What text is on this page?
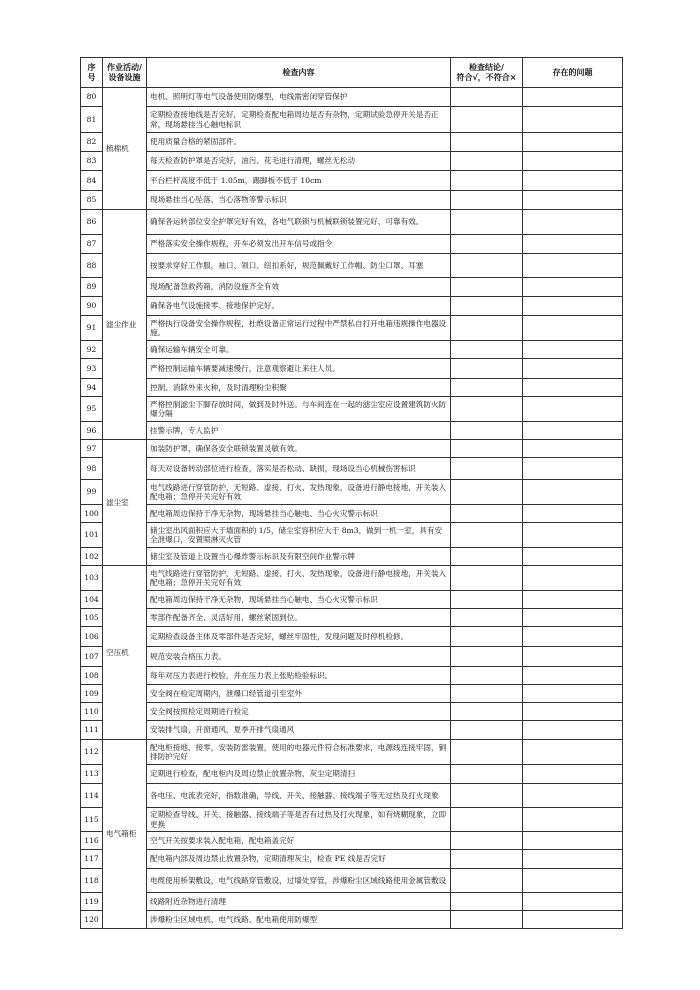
序号	作业活动/设备设施	检查内容	检查结论/
符合√，不符合×	存在的问题
80	梳棉机	电机、照明灯等电气设备使用防爆型，电线需密闭穿管保护		
81		定期检查接地线是否完好，定期检查配电箱周边是否有杂物，定期试验急停开关是否正常，现场悬挂当心触电标识		
82		使用质量合格的紧固部件。		
83		每天检查防护罩是否完好，油污、花毛进行清理，螺丝无松动		
84		平台栏杆高度不低于 1.05m，踢脚板不低于 10cm		
85		现场悬挂当心坠落、当心落物等警示标识		
86	滤尘作业	确保各运转部位安全护罩完好有效，各电气联锁与机械联锁装置完好、可靠有效。		
87		严格落实安全操作规程，开车必须发出开车信号或指令		
88		按要求穿好工作服，袖口、领口、纽扣系好，规范佩戴好工作帽、防尘口罩、耳塞		
89		现场配备急救药箱，消防设施齐全有效		
90		确保各电气设施接零、接地保护完好。		
91		严格执行设备安全操作规程，杜绝设备正常运行过程中严禁私自打开电箱违规操作电器设施。		
92		确保运输车辆安全可靠。		
93		严格控制运输车辆要减速慢行，注意观察避让来往人员。		
94		控制、消除外来火种，及时清理粉尘积聚		
95		严格控制滤尘下脚存放时间，做到及时外送。与车间连在一起的滤尘室应设置建筑防火防爆分隔		
96		挂警示牌，专人监护		
97	滤尘室	加装防护罩，确保各安全联锁装置灵敏有效。		
98		每天对设备转动部位进行检查，落实是否松动、缺损，现场设当心机械伤害标识		
99		电气线路进行穿管防护，无短路、虚接、打火、发热现象，设备进行静电接地，开关装入配电箱；急停开关完好有效		
100		配电箱周边保持干净无杂物，现场悬挂当心触电、当心火灾警示标识		
101		储尘室出风面积应大于墙面积的 1/5，储尘室容积应大于 8m3，做到一机一室，具有安全泄爆口，安置喷淋灭火管		
102		储尘室及管道上设置当心爆炸警示标识及有限空间作业警示牌		
103	空压机	电气线路进行穿管防护，无短路、虚接、打火、发热现象，设备进行静电接地，开关装入配电箱；急停开关完好有效		
104		配电箱周边保持干净无杂物，现场悬挂当心触电、当心火灾警示标识		
105		零部件配备齐全、灵活好用，螺丝紧固到位。		
106		定期检查设备主体及零部件是否完好，螺丝牢固性，发现问题及时停机检修。		
107		规范安装合格压力表。		
108		每年对压力表进行校验，并在压力表上张贴检验标识。		
109		安全阀在检定周期内，泄爆口经管道引至室外		
110		安全阀按照检定周期进行检定		
111		安装排气扇，开窗通风，夏季开排气扇通风		
112	电气箱柜	配电柜接地、接零，安装防雷装置，使用的电器元件符合标准要求，电源线连接牢固，铜排防护完好		
113		定期进行检查，配电柜内及周边禁止放置杂物，灰尘定期清扫		
114		各电压、电流表完好，指数准确，导线、开关、接触器、接线端子等无过热及打火现象		
115		定期检查导线、开关、接触器、接线端子等是否有过热及打火现象，如有烧糊现象，立即更换		
116		空气开关按要求装入配电箱，配电箱盖完好		
117		配电箱内部及周边禁止放置杂物，定期清理灰尘，检查 PE 线是否完好		
118		电缆使用桥架敷设，电气线路穿管敷设，过墙处穿管，涉爆粉尘区域线路使用金属管敷设		
119		线路附近杂物进行清理		
120		涉爆粉尘区域电机、电气线路、配电箱使用防爆型		
